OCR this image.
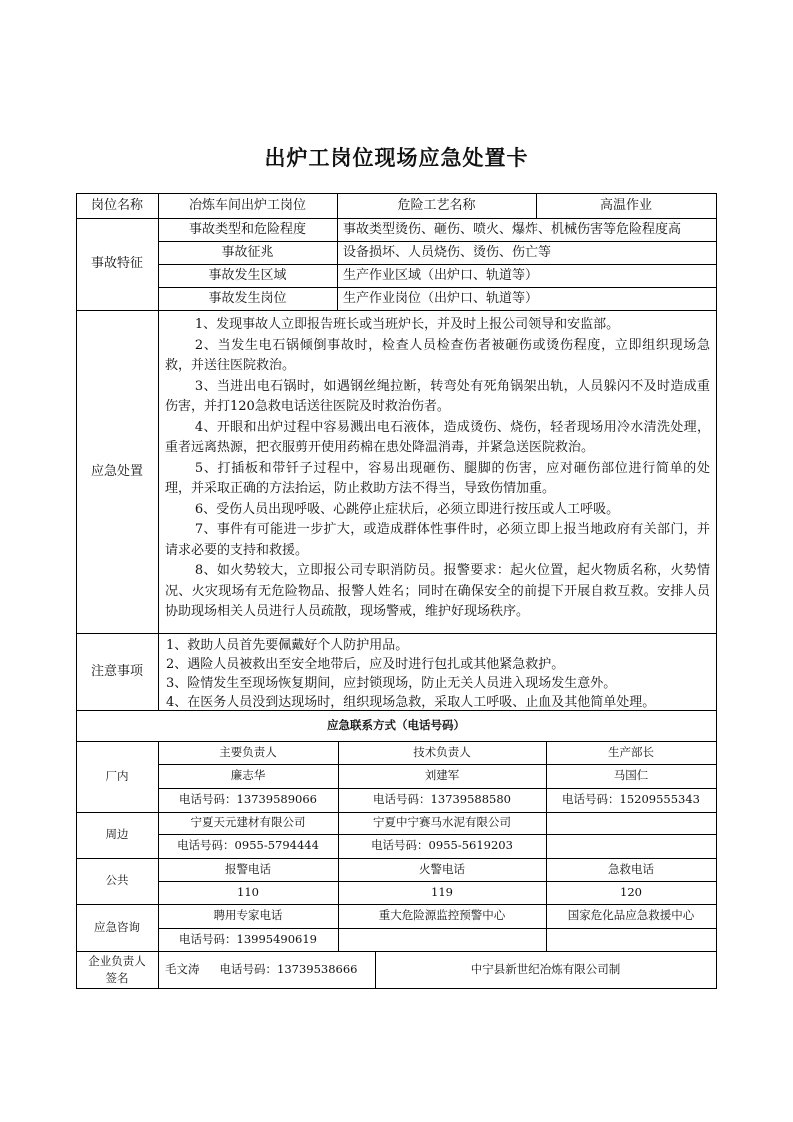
出炉工岗位现场应急处置卡
岗位名称	冶炼车间出炉工岗位	危险工艺名称	高温作业
事故特征
事故类型和危险程度	事故类型烫伤、砸伤、喷火、爆炸、机械伤害等危险程度高
事故征兆	设备损坏、人员烧伤、烫伤、伤亡等
事故发生区域	生产作业区域（出炉口、轨道等）
事故发生岗位	生产作业岗位（出炉口、轨道等）
应急处置

1、发现事故人立即报告班长或当班炉长，并及时上报公司领导和安监部。

2、当发生电石锅倾倒事故时，检查人员检查伤者被砸伤或烫伤程度，立即组织现场急救，并送往医院救治。

3、当进出电石锅时，如遇钢丝绳拉断，转弯处有死角锅架出轨，人员躲闪不及时造成重伤害，并打120急救电话送往医院及时救治伤者。

4、开眼和出炉过程中容易溅出电石液体，造成烫伤、烧伤，轻者现场用冷水清洗处理，重者远离热源，把衣服剪开使用药棉在患处降温消毒，并紧急送医院救治。

5、打插板和带钎子过程中，容易出现砸伤、腿脚的伤害，应对砸伤部位进行简单的处理，并采取正确的方法抬运，防止救助方法不得当，导致伤情加重。

6、受伤人员出现呼吸、心跳停止症状后，必须立即进行按压或人工呼吸。

7、事件有可能进一步扩大，或造成群体性事件时，必须立即上报当地政府有关部门，并请求必要的支持和救援。

8、如火势较大，立即报公司专职消防员。报警要求：起火位置，起火物质名称，火势情况、火灾现场有无危险物品、报警人姓名；同时在确保安全的前提下开展自救互救。安排人员协助现场相关人员进行人员疏散，现场警戒，维护好现场秩序。

注意事项

1、救助人员首先要佩戴好个人防护用品。

2、遇险人员被救出至安全地带后，应及时进行包扎或其他紧急救护。

3、险情发生至现场恢复期间，应封锁现场，防止无关人员进入现场发生意外。

4、在医务人员没到达现场时，组织现场急救，采取人工呼吸、止血及其他简单处理。

应急联系方式（电话号码）
厂内
主要负责人	技术负责人	生产部长
廉志华	刘建军	马国仁
电话号码：13739589066	电话号码：13739588580	电话号码：15209555343
周边
宁夏天元建材有限公司	宁夏中宁赛马水泥有限公司
电话号码：0955-5794444	电话号码：0955-5619203
公共
报警电话	火警电话	急救电话
110	119	120
应急咨询
聘用专家电话	重大危险源监控预警中心	国家危化品应急救援中心
电话号码：13995490619
企业负责人
签名
毛文涛 电话号码：13739538666	中宁县新世纪冶炼有限公司制
